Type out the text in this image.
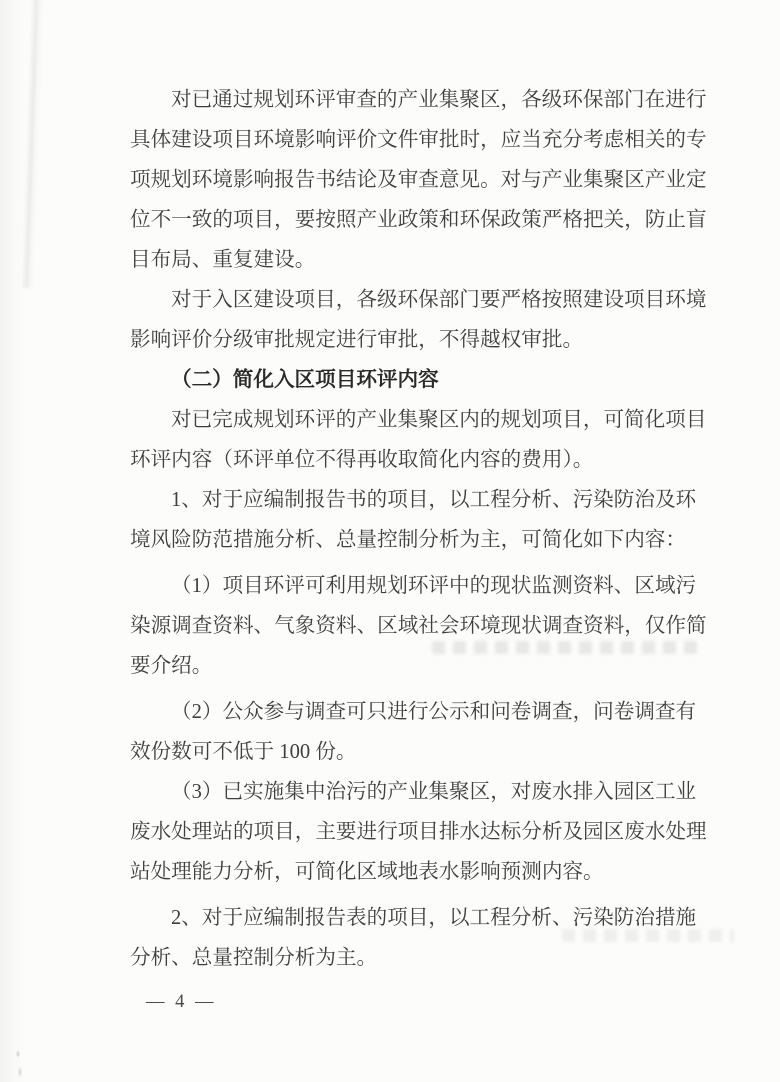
对已通过规划环评审查的产业集聚区，各级环保部门在进行
具体建设项目环境影响评价文件审批时，应当充分考虑相关的专
项规划环境影响报告书结论及审查意见。对与产业集聚区产业定
位不一致的项目，要按照产业政策和环保政策严格把关，防止盲
目布局、重复建设。
对于入区建设项目，各级环保部门要严格按照建设项目环境
影响评价分级审批规定进行审批，不得越权审批。
（二）简化入区项目环评内容
对已完成规划环评的产业集聚区内的规划项目，可简化项目
环评内容（环评单位不得再收取简化内容的费用）。
1、对于应编制报告书的项目，以工程分析、污染防治及环
境风险防范措施分析、总量控制分析为主，可简化如下内容：
（1）项目环评可利用规划环评中的现状监测资料、区域污
染源调查资料、气象资料、区域社会环境现状调查资料，仅作简
要介绍。
（2）公众参与调查可只进行公示和问卷调查，问卷调查有
效份数可不低于 100 份。
（3）已实施集中治污的产业集聚区，对废水排入园区工业
废水处理站的项目，主要进行项目排水达标分析及园区废水处理
站处理能力分析，可简化区域地表水影响预测内容。
2、对于应编制报告表的项目，以工程分析、污染防治措施
分析、总量控制分析为主。
— 4 —
